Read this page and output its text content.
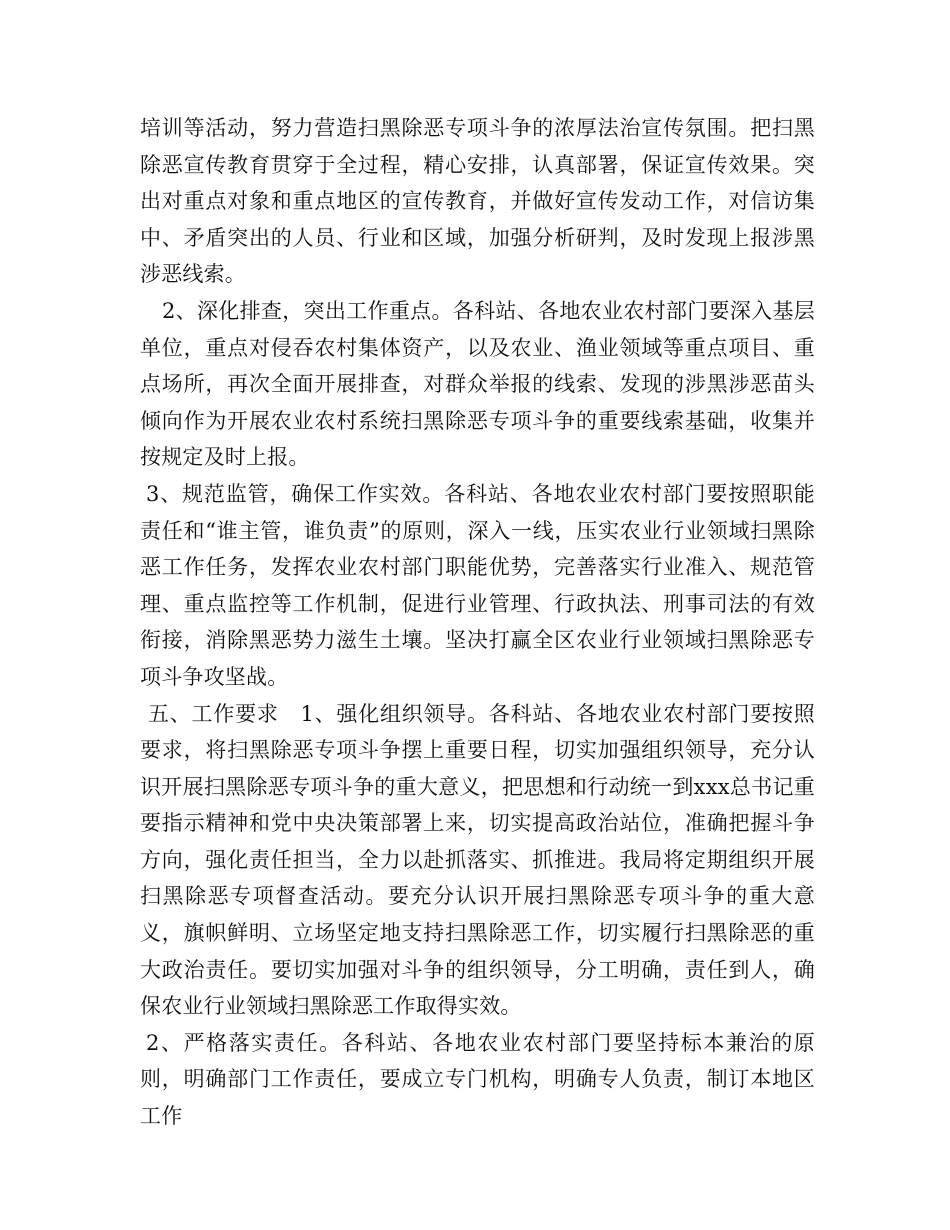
培训等活动，努力营造扫黑除恶专项斗争的浓厚法治宣传氛围。把扫黑除恶宣传教育贯穿于全过程，精心安排，认真部署，保证宣传效果。突出对重点对象和重点地区的宣传教育，并做好宣传发动工作，对信访集中、矛盾突出的人员、行业和区域，加强分析研判，及时发现上报涉黑涉恶线索。

2、深化排查，突出工作重点。各科站、各地农业农村部门要深入基层单位，重点对侵吞农村集体资产，以及农业、渔业领域等重点项目、重点场所，再次全面开展排查，对群众举报的线索、发现的涉黑涉恶苗头倾向作为开展农业农村系统扫黑除恶专项斗争的重要线索基础，收集并按规定及时上报。

3、规范监管，确保工作实效。各科站、各地农业农村部门要按照职能责任和“谁主管，谁负责”的原则，深入一线，压实农业行业领域扫黑除恶工作任务，发挥农业农村部门职能优势，完善落实行业准入、规范管理、重点监控等工作机制，促进行业管理、行政执法、刑事司法的有效衔接，消除黑恶势力滋生土壤。坚决打赢全区农业行业领域扫黑除恶专项斗争攻坚战。

五、工作要求　1、强化组织领导。各科站、各地农业农村部门要按照要求，将扫黑除恶专项斗争摆上重要日程，切实加强组织领导，充分认识开展扫黑除恶专项斗争的重大意义，把思想和行动统一到xxx总书记重要指示精神和党中央决策部署上来，切实提高政治站位，准确把握斗争方向，强化责任担当，全力以赴抓落实、抓推进。我局将定期组织开展扫黑除恶专项督查活动。要充分认识开展扫黑除恶专项斗争的重大意义，旗帜鲜明、立场坚定地支持扫黑除恶工作，切实履行扫黑除恶的重大政治责任。要切实加强对斗争的组织领导，分工明确，责任到人，确保农业行业领域扫黑除恶工作取得实效。

2、严格落实责任。各科站、各地农业农村部门要坚持标本兼治的原则，明确部门工作责任，要成立专门机构，明确专人负责，制订本地区工作
